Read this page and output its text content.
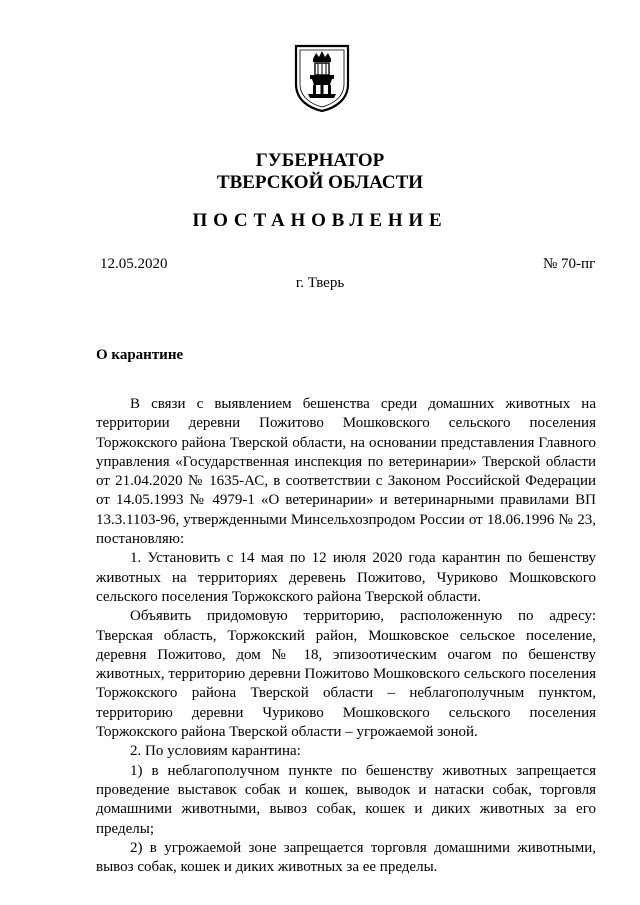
ГУБЕРНАТОР
ТВЕРСКОЙ ОБЛАСТИ
ПОСТАНОВЛЕНИЕ
12.05.2020	№ 70-пг
г. Тверь
О карантине

В связи с выявлением бешенства среди домашних животных на территории деревни Пожитово Мошковского сельского поселения Торжокского района Тверской области, на основании представления Главного управления «Государственная инспекция по ветеринарии» Тверской области от 21.04.2020 № 1635-АС, в соответствии с Законом Российской Федерации от 14.05.1993 № 4979-1 «О ветеринарии» и ветеринарными правилами ВП 13.3.1103-96, утвержденными Минсельхозпродом России от 18.06.1996 № 23, постановляю:

1. Установить с 14 мая по 12 июля 2020 года карантин по бешенству животных на территориях деревень Пожитово, Чуриково Мошковского сельского поселения Торжокского района Тверской области.

Объявить придомовую территорию, расположенную по адресу: Тверская область, Торжокский район, Мошковское сельское поселение, деревня Пожитово, дом № 18, эпизоотическим очагом по бешенству животных, территорию деревни Пожитово Мошковского сельского поселения Торжокского района Тверской области – неблагополучным пунктом, территорию деревни Чуриково Мошковского сельского поселения Торжокского района Тверской области – угрожаемой зоной.

2. По условиям карантина:

1) в неблагополучном пункте по бешенству животных запрещается проведение выставок собак и кошек, выводок и натаски собак, торговля домашними животными, вывоз собак, кошек и диких животных за его пределы;

2) в угрожаемой зоне запрещается торговля домашними животными, вывоз собак, кошек и диких животных за ее пределы.
